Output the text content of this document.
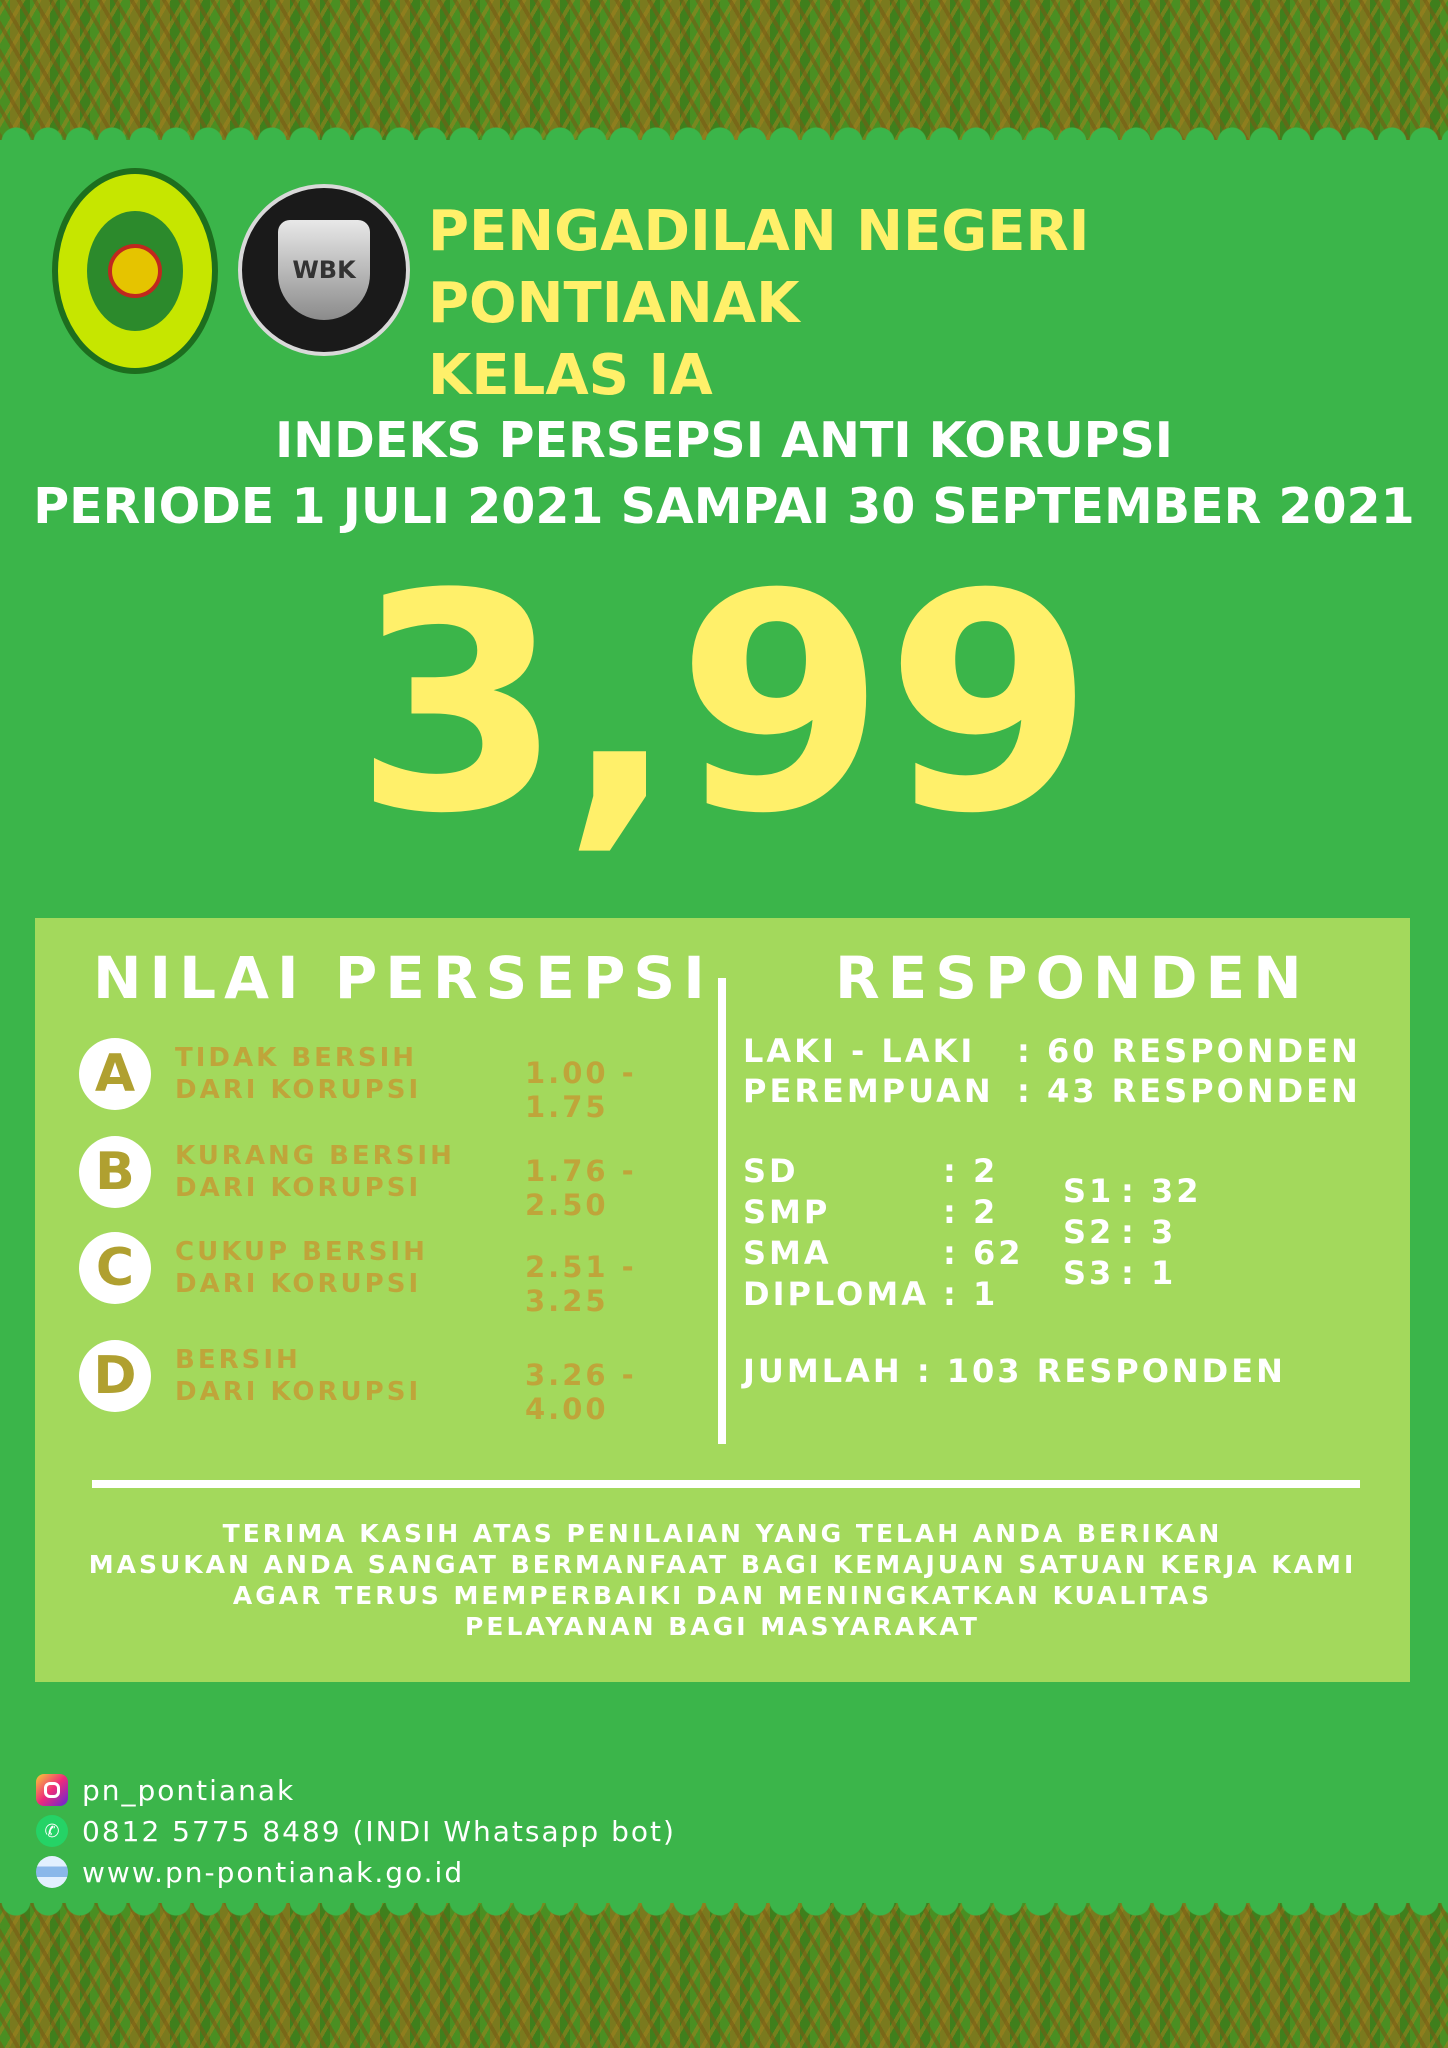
WBK
PENGADILAN NEGERI PONTIANAK
KELAS IA
INDEKS PERSEPSI ANTI KORUPSI
PERIODE 1 JULI 2021 SAMPAI 30 SEPTEMBER 2021
3,99
NILAI PERSEPSI RESPONDEN
A	TIDAK BERSIH
DARI KORUPSI	1.00 - 1.75
B	KURANG BERSIH
DARI KORUPSI	1.76 - 2.50
C	CUKUP BERSIH
DARI KORUPSI	2.51 - 3.25
D	BERSIH
DARI KORUPSI	3.26 - 4.00
LAKI - LAKI : 60 RESPONDEN
PEREMPUAN : 43 RESPONDEN
SD	: 2
SMP	: 2
SMA	: 62
DIPLOMA : 1
S1 : 32
S2 : 3
S3 : 1
JUMLAH : 103 RESPONDEN
TERIMA KASIH ATAS PENILAIAN YANG TELAH ANDA BERIKAN
MASUKAN ANDA SANGAT BERMANFAAT BAGI KEMAJUAN SATUAN KERJA KAMI
AGAR TERUS MEMPERBAIKI DAN MENINGKATKAN KUALITAS
PELAYANAN BAGI MASYARAKAT
pn_pontianak
✆ 0812 5775 8489 (INDI Whatsapp bot)
www.pn-pontianak.go.id
